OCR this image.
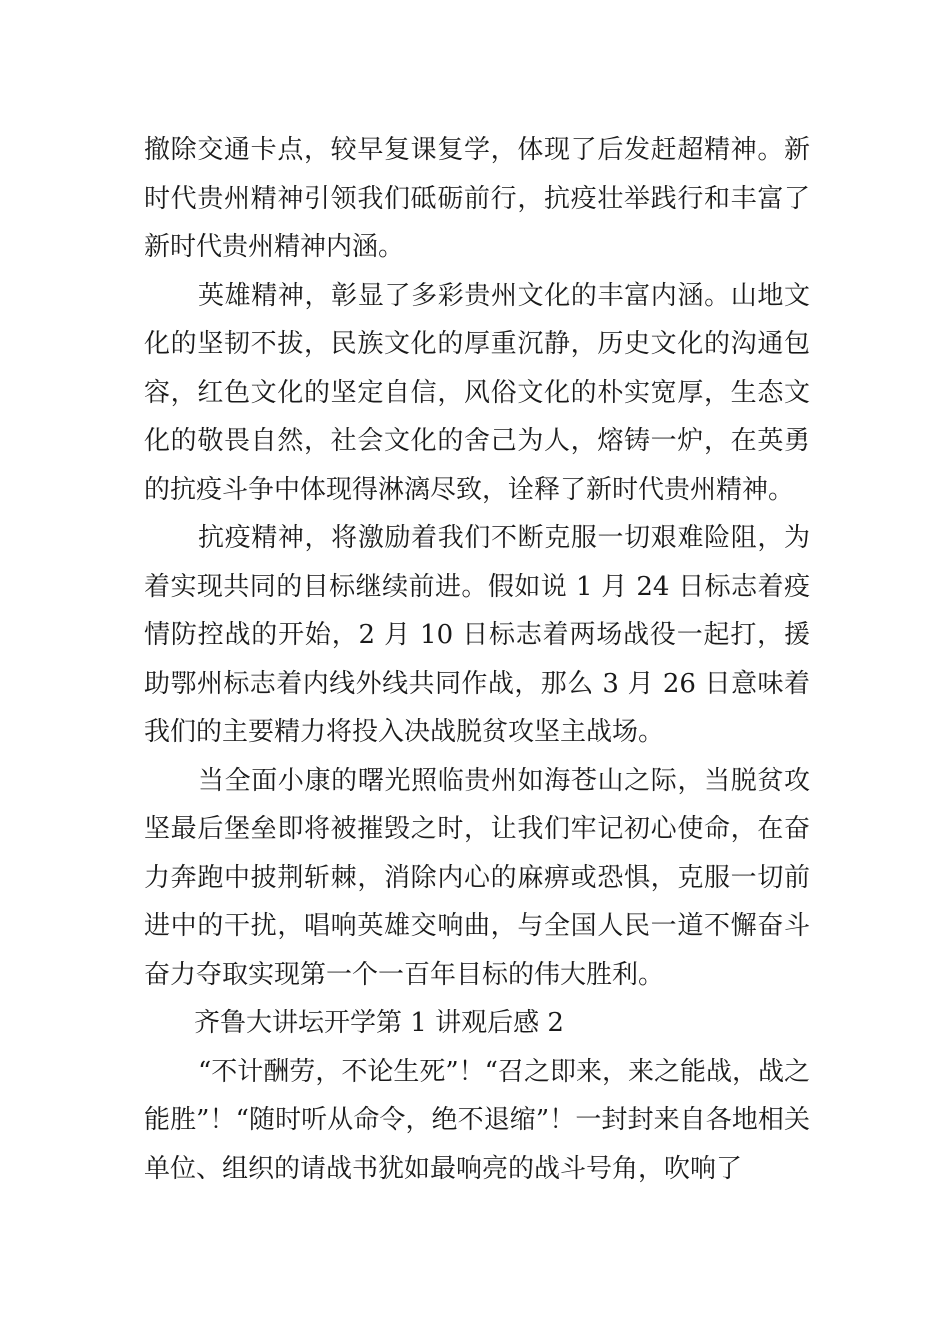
撤除交通卡点，较早复课复学，体现了后发赶超精神。新时代贵州精神引领我们砥砺前行，抗疫壮举践行和丰富了新时代贵州精神内涵。

英雄精神，彰显了多彩贵州文化的丰富内涵。山地文化的坚韧不拔，民族文化的厚重沉静，历史文化的沟通包容，红色文化的坚定自信，风俗文化的朴实宽厚，生态文化的敬畏自然，社会文化的舍己为人，熔铸一炉，在英勇的抗疫斗争中体现得淋漓尽致，诠释了新时代贵州精神。

抗疫精神，将激励着我们不断克服一切艰难险阻，为着实现共同的目标继续前进。假如说 1 月 24 日标志着疫情防控战的开始，2 月 10 日标志着两场战役一起打，援助鄂州标志着内线外线共同作战，那么 3 月 26 日意味着我们的主要精力将投入决战脱贫攻坚主战场。

当全面小康的曙光照临贵州如海苍山之际，当脱贫攻坚最后堡垒即将被摧毁之时，让我们牢记初心使命，在奋力奔跑中披荆斩棘，消除内心的麻痹或恐惧，克服一切前进中的干扰，唱响英雄交响曲，与全国人民一道不懈奋斗奋力夺取实现第一个一百年目标的伟大胜利。

齐鲁大讲坛开学第 1 讲观后感 2

“不计酬劳，不论生死”！“召之即来，来之能战，战之能胜”！“随时听从命令，绝不退缩”！一封封来自各地相关单位、组织的请战书犹如最响亮的战斗号角，吹响了
